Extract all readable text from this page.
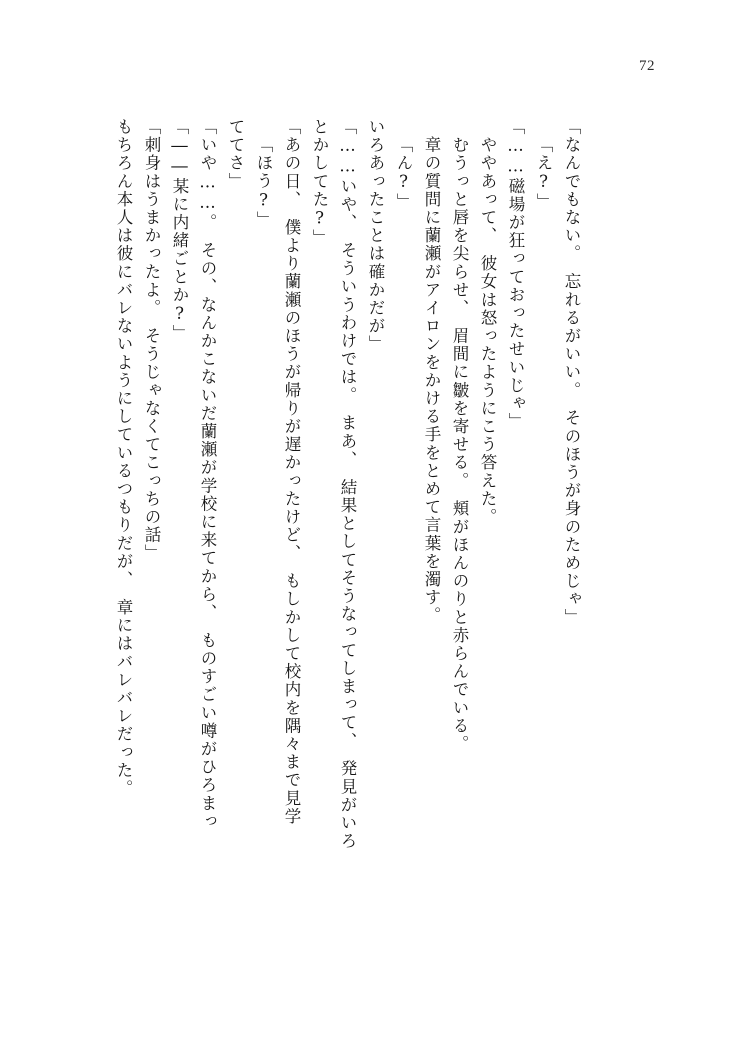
72
もちろん本人は彼にバレないようにしているつもりだが、　章にはバレバレだった。 「刺身はうまかったよ。　そうじゃなくてこっちの話」 「――某に内緒ごとか?」 「いや……。　その、なんかこないだ蘭瀬が学校に来てから、　ものすごい噂がひろまっ ててさ」 「ほう?」 「あの日、　僕より蘭瀬のほうが帰りが遅かったけど、　もしかして校内を隅々まで見学 とかしてた?」 「……いや、　そういうわけでは。　まあ、　結果としてそうなってしまって、　発見がいろ いろあったことは確かだが」 「ん?」 　章の質問に蘭瀬がアイロンをかける手をとめて言葉を濁す。 　むうっと唇を尖らせ、　眉間に皺を寄せる。　頬がほんのりと赤らんでいる。 　ややあって、　彼女は怒ったようにこう答えた。 「……磁場が狂っておったせいじゃ」 「え?」 「なんでもない。　忘れるがいい。　そのほうが身のためじゃ」
